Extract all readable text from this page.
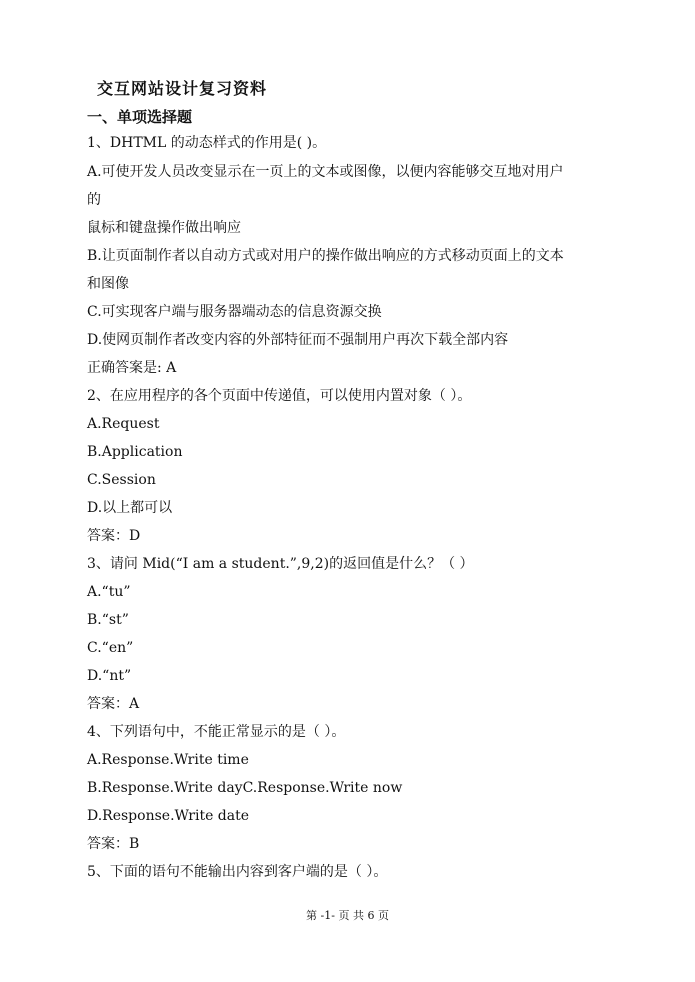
交互网站设计复习资料
一、单项选择题
1、DHTML 的动态样式的作用是( )。
A.可使开发人员改变显示在一页上的文本或图像，以便内容能够交互地对用户
的
鼠标和键盘操作做出响应
B.让页面制作者以自动方式或对用户的操作做出响应的方式移动页面上的文本
和图像
C.可实现客户端与服务器端动态的信息资源交换
D.使网页制作者改变内容的外部特征而不强制用户再次下载全部内容
正确答案是: A
2、在应用程序的各个页面中传递值，可以使用内置对象（ ）。
A.Request
B.Application
C.Session
D.以上都可以
答案：D
3、请问 Mid(“I am a student.”,9,2)的返回值是什么？（ ）
A.“tu”
B.“st”
C.“en”
D.“nt”
答案：A
4、下列语句中，不能正常显示的是（ ）。
A.Response.Write time
B.Response.Write dayC.Response.Write now
D.Response.Write date
答案：B
5、下面的语句不能输出内容到客户端的是（ ）。
第 -1- 页 共 6 页
